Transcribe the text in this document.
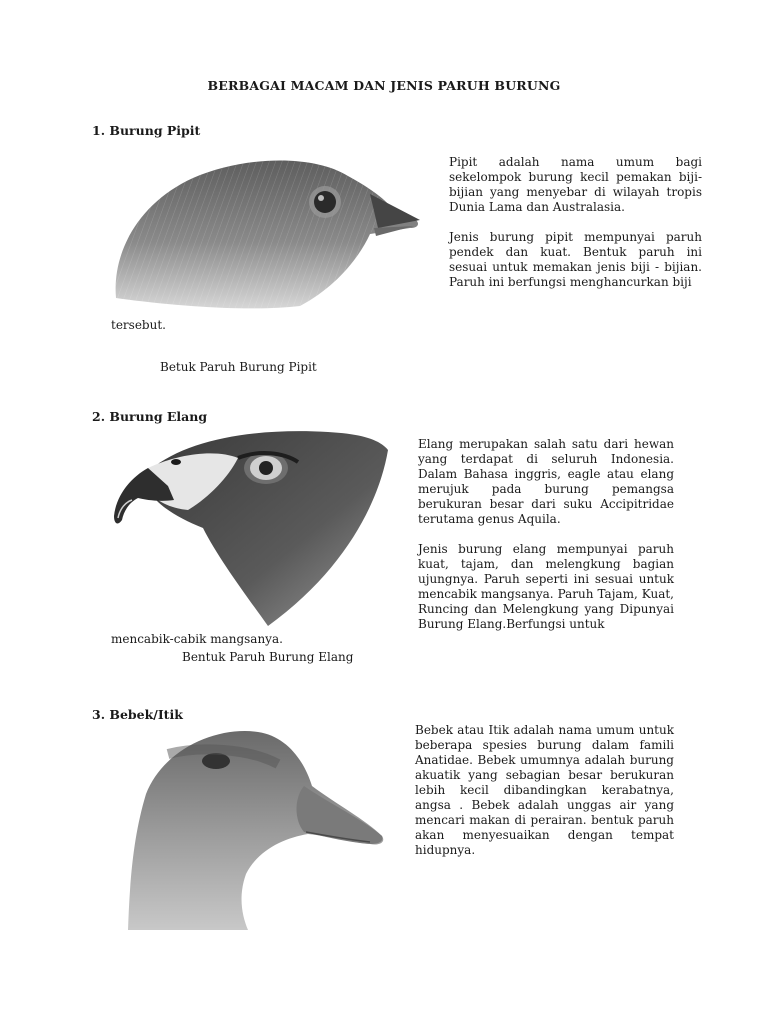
BERBAGAI MACAM DAN JENIS PARUH BURUNG
1. Burung Pipit

Pipit adalah nama umum bagi sekelompok burung kecil pemakan biji-bijian yang menyebar di wilayah tropis Dunia Lama dan Australasia.

Jenis burung pipit mempunyai paruh pendek dan kuat. Bentuk paruh ini sesuai untuk memakan jenis biji - bijian. Paruh ini berfungsi menghancurkan biji

tersebut.
Betuk Paruh Burung Pipit
2. Burung Elang

Elang merupakan salah satu dari hewan yang terdapat di seluruh Indonesia. Dalam Bahasa inggris, eagle atau elang merujuk pada burung pemangsa berukuran besar dari suku Accipitridae terutama genus Aquila.

Jenis burung elang mempunyai paruh kuat, tajam, dan melengkung bagian ujungnya. Paruh seperti ini sesuai untuk mencabik mangsanya. Paruh Tajam, Kuat, Runcing dan Melengkung yang Dipunyai Burung Elang.Berfungsi untuk

mencabik-cabik mangsanya.
Bentuk Paruh Burung Elang
3. Bebek/Itik

Bebek atau Itik adalah nama umum untuk beberapa spesies burung dalam famili Anatidae. Bebek umumnya adalah burung akuatik yang sebagian besar berukuran lebih kecil dibandingkan kerabatnya, angsa . Bebek adalah unggas air yang mencari makan di perairan. bentuk paruh akan menyesuaikan dengan tempat hidupnya.
